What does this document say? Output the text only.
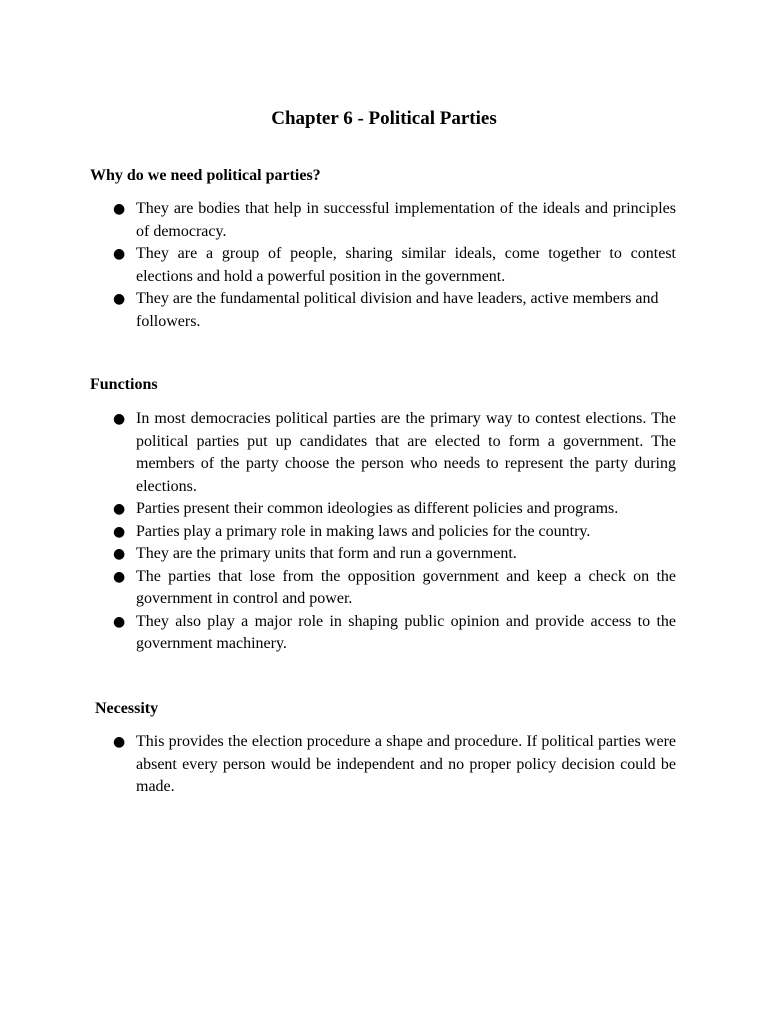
Chapter 6 - Political Parties
Why do we need political parties?
● They are bodies that help in successful implementation of the ideals and principles of democracy.
● They are a group of people, sharing similar ideals, come together to contest elections and hold a powerful position in the government.
● They are the fundamental political division and have leaders, active members and followers.
Functions
● In most democracies political parties are the primary way to contest elections. The political parties put up candidates that are elected to form a government. The members of the party choose the person who needs to represent the party during elections.
● Parties present their common ideologies as different policies and programs.
● Parties play a primary role in making laws and policies for the country.
● They are the primary units that form and run a government.
● The parties that lose from the opposition government and keep a check on the government in control and power.
● They also play a major role in shaping public opinion and provide access to the government machinery.
Necessity
● This provides the election procedure a shape and procedure. If political parties were absent every person would be independent and no proper policy decision could be made.
